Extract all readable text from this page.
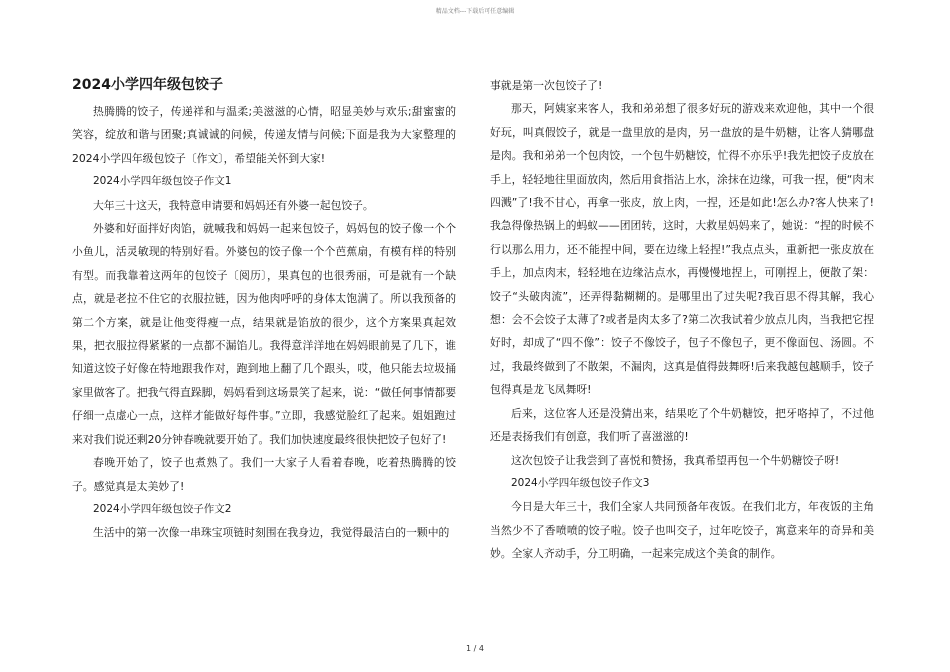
精品文档---下载后可任意编辑
2024小学四年级包饺子

热腾腾的饺子，传递祥和与温柔;美滋滋的心情，昭显美妙与欢乐;甜蜜蜜的笑容，绽放和谐与团聚;真诚诚的问候，传递友情与问候;下面是我为大家整理的2024小学四年级包饺子〔作文〕，希望能关怀到大家!

2024小学四年级包饺子作文1

大年三十这天，我特意申请要和妈妈还有外婆一起包饺子。

外婆和好面拌好肉馅，就喊我和妈妈一起来包饺子，妈妈包的饺子像一个个小鱼儿，活灵敏现的特别好看。外婆包的饺子像一个个芭蕉扇，有模有样的特别有型。而我靠着这两年的包饺子〔阅历〕，果真包的也很秀丽，可是就有一个缺点，就是老拉不住它的衣服拉链，因为他肉呼呼的身体太饱满了。所以我预备的第二个方案，就是让他变得瘦一点，结果就是馅放的很少，这个方案果真起效果，把衣服拉得紧紧的一点都不漏馅儿。我得意洋洋地在妈妈眼前晃了几下，谁知道这饺子好像在特地跟我作对，跑到地上翻了几个跟头，哎，他只能去垃圾捅家里做客了。把我气得直跺脚，妈妈看到这场景笑了起来，说：“做任何事情都要仔细一点虚心一点，这样才能做好每件事。”立即，我感觉脸红了起来。姐姐跑过来对我们说还剩20分钟春晚就要开始了。我们加快速度最终很快把饺子包好了!

春晚开始了，饺子也煮熟了。我们一大家子人看着春晚，吃着热腾腾的饺子。感觉真是太美妙了!

2024小学四年级包饺子作文2

生活中的第一次像一串珠宝项链时刻围在我身边，我觉得最洁白的一颗中的

事就是第一次包饺子了!

那天，阿姨家来客人，我和弟弟想了很多好玩的游戏来欢迎他，其中一个很好玩，叫真假饺子，就是一盘里放的是肉，另一盘放的是牛奶糖，让客人猜哪盘是肉。我和弟弟一个包肉饺，一个包牛奶糖饺，忙得不亦乐乎!我先把饺子皮放在手上，轻轻地往里面放肉，然后用食指沾上水，涂抹在边缘，可我一捏，便“肉末四溅”了!我不甘心，再拿一张皮，放上肉，一捏，还是如此!怎么办?客人快来了!我急得像热锅上的蚂蚁——团团转，这时，大救星妈妈来了，她说：“捏的时候不行以那么用力，还不能捏中间，要在边缘上轻捏!”我点点头，重新把一张皮放在手上，加点肉末，轻轻地在边缘沾点水，再慢慢地捏上，可刚捏上，便散了架：饺子“头破肉流”，还弄得黏糊糊的。是哪里出了过失呢?我百思不得其解，我心想：会不会饺子太薄了?或者是肉太多了?第二次我试着少放点儿肉，当我把它捏好时，却成了“四不像”：饺子不像饺子，包子不像包子，更不像面包、汤圆。不过，我最终做到了不散架，不漏肉，这真是值得鼓舞呀!后来我越包越顺手，饺子包得真是龙飞凤舞呀!

后来，这位客人还是没猜出来，结果吃了个牛奶糖饺，把牙咯掉了，不过他还是表扬我们有创意，我们听了喜滋滋的!

这次包饺子让我尝到了喜悦和赞扬，我真希望再包一个牛奶糖饺子呀!

2024小学四年级包饺子作文3

今日是大年三十，我们全家人共同预备年夜饭。在我们北方，年夜饭的主角当然少不了香喷喷的饺子啦。饺子也叫交子，过年吃饺子，寓意来年的奇异和美妙。全家人齐动手，分工明确，一起来完成这个美食的制作。

1 / 4
